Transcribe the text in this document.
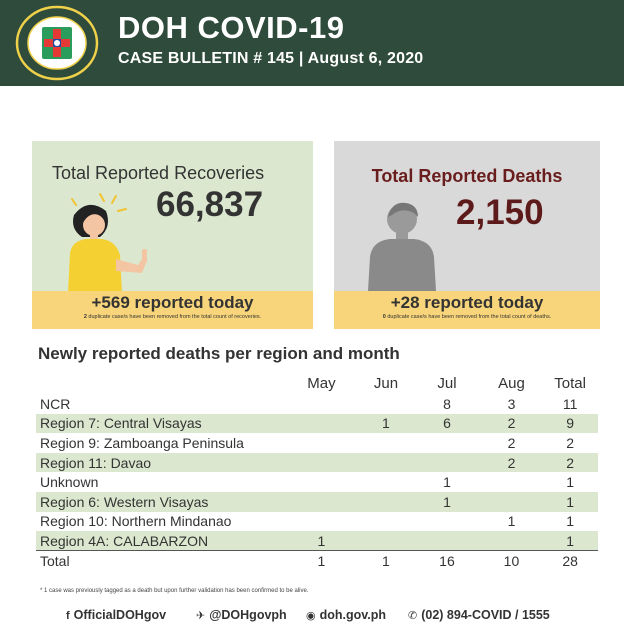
DOH COVID-19
CASE BULLETIN # 145 | August 6, 2020
Total Reported Recoveries
66,837
+569 reported today
2 duplicate case/s have been removed from the total count of recoveries.
Total Reported Deaths
2,150
+28 reported today
0 duplicate case/s have been removed from the total count of deaths.
Newly reported deaths per region and month
	May	Jun	Jul	Aug	Total
NCR			8	3	11
Region 7: Central Visayas		1	6	2	9
Region 9: Zamboanga Peninsula				2	2
Region 11: Davao				2	2
Unknown			1		1
Region 6: Western Visayas			1		1
Region 10: Northern Mindanao				1	1
Region 4A: CALABARZON	1				1
Total	1	1	16	10	28
* 1 case was previously tagged as a death but upon further validation has been confirmed to be alive.
f OfficialDOHgov	✈ @DOHgovph ◉ doh.gov.ph ✆ (02) 894-COVID / 1555
